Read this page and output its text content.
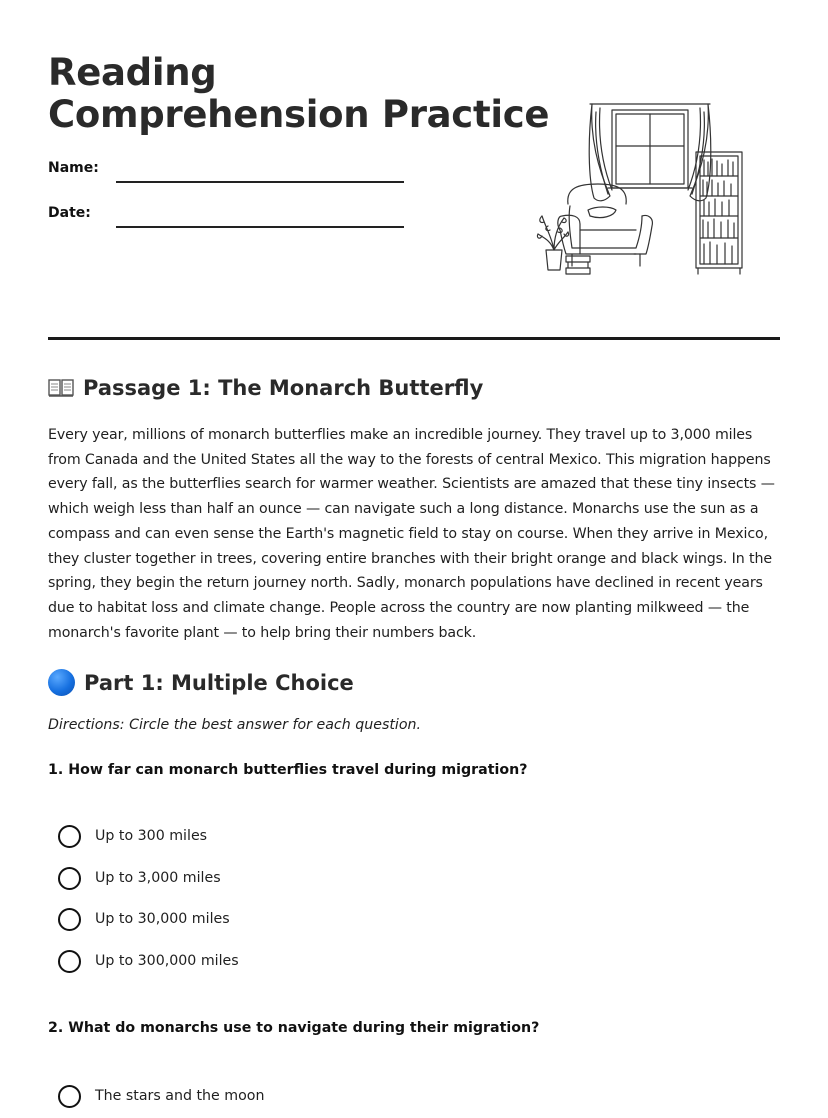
Reading
Comprehension Practice
Name:
Date:
Passage 1: The Monarch Butterfly

Every year, millions of monarch butterflies make an incredible journey. They travel up to 3,000 miles from Canada and the United States all the way to the forests of central Mexico. This migration happens every fall, as the butterflies search for warmer weather. Scientists are amazed that these tiny insects — which weigh less than half an ounce — can navigate such a long distance. Monarchs use the sun as a compass and can even sense the Earth's magnetic field to stay on course. When they arrive in Mexico, they cluster together in trees, covering entire branches with their bright orange and black wings. In the spring, they begin the return journey north. Sadly, monarch populations have declined in recent years due to habitat loss and climate change. People across the country are now planting milkweed — the monarch's favorite plant — to help bring their numbers back.

Part 1: Multiple Choice

Directions: Circle the best answer for each question.

1. How far can monarch butterflies travel during migration?

Up to 300 miles
Up to 3,000 miles
Up to 30,000 miles
Up to 300,000 miles

2. What do monarchs use to navigate during their migration?

The stars and the moon
